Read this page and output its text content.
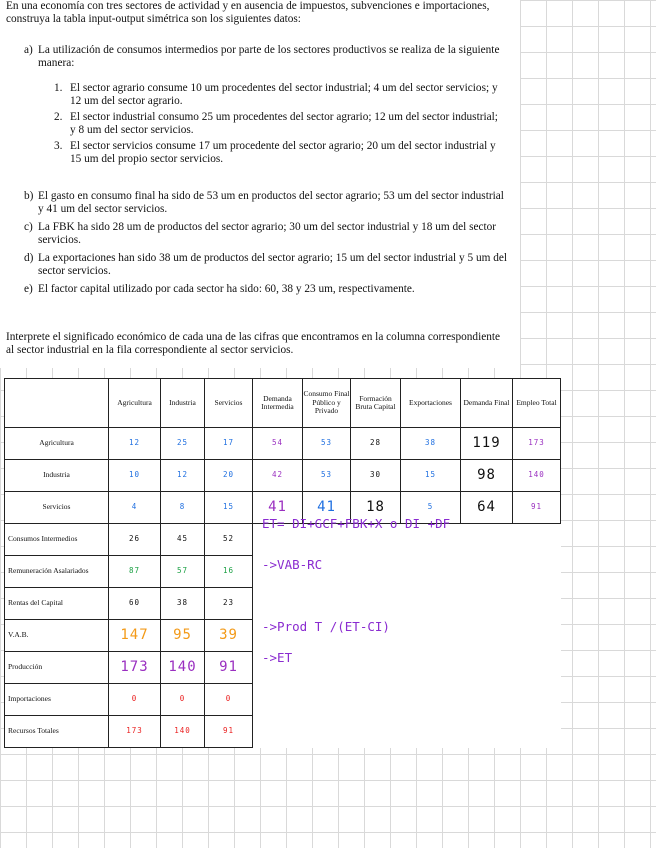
En una economía con tres sectores de actividad y en ausencia de impuestos, subvenciones e importaciones, construya la tabla input-output simétrica son los siguientes datos:
a) La utilización de consumos intermedios por parte de los sectores productivos se realiza de la siguiente manera:
1. El sector agrario consume 10 um procedentes del sector industrial; 4 um del sector servicios; y 12 um del sector agrario.
2. El sector industrial consumo 25 um procedentes del sector agrario; 12 um del sector industrial; y 8 um del sector servicios.
3. El sector servicios consume 17 um procedente del sector agrario; 20 um del sector industrial y 15 um del propio sector servicios.
b) El gasto en consumo final ha sido de 53 um en productos del sector agrario; 53 um del sector industrial y 41 um del sector servicios.
c) La FBK ha sido 28 um de productos del sector agrario; 30 um del sector industrial y 18 um del sector servicios.
d) La exportaciones han sido 38 um de productos del sector agrario; 15 um del sector industrial y 5 um del sector servicios.
e) El factor capital utilizado por cada sector ha sido: 60, 38 y 23 um, respectivamente.
Interprete el significado económico de cada una de las cifras que encontramos en la columna correspondiente al sector industrial en la fila correspondiente al sector servicios.
	Agricultura	Industria	Servicios	Demanda Intermedia	Consumo Final Público y Privado	Formación Bruta Capital	Exportaciones	Demanda Final	Empleo Total
Agricultura	12	25	17	54	53	28	38	119	173
Industria	10	12	20	42	53	30	15	98	140
Servicios	4	8	15	41	41	18	5	64	91
Consumos Intermedios	26	45	52						
Remuneración Asalariados	87	57	16						
Rentas del Capital	60	38	23						
V.A.B.	147	95	39						
Producción	173	140	91						
Importaciones	0	0	0						
Recursos Totales	173	140	91						
ET= DI+GCF+FBK+X o DI +DF
->VAB-RC
->Prod T /(ET-CI)
->ET
